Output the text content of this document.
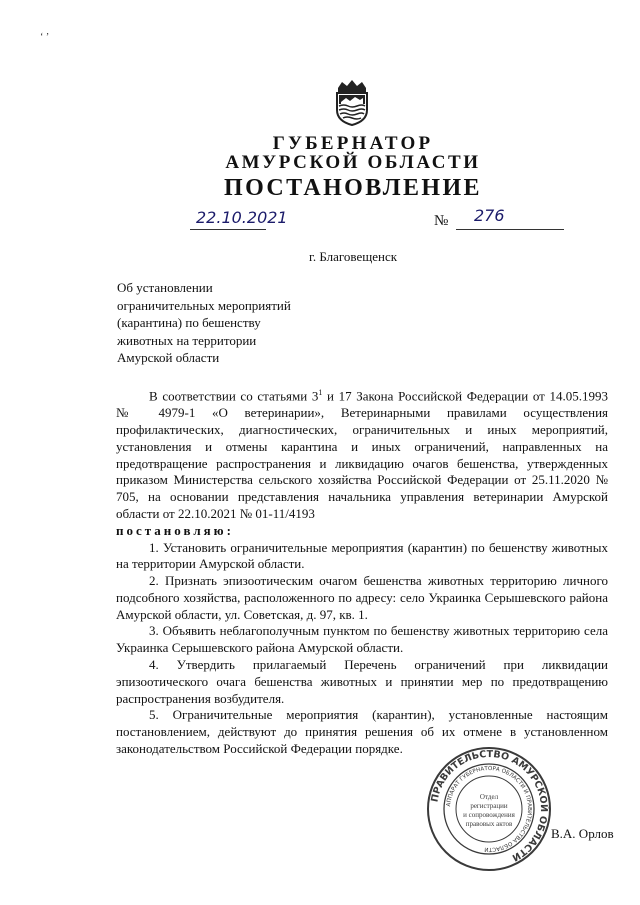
‘ ’
ГУБЕРНАТОР
АМУРСКОЙ ОБЛАСТИ
ПОСТАНОВЛЕНИЕ
22.10.2021	№ 276
г. Благовещенск
Об установлении
ограничительных мероприятий
(карантина) по бешенству
животных на территории
Амурской области

В соответствии со статьями $3^1$ и 17 Закона Российской Федерации от 14.05.1993 № 4979-1 «О ветеринарии», Ветеринарными правилами осуществления профилактических, диагностических, ограничительных и иных мероприятий, установления и отмены карантина и иных ограничений, направленных на предотвращение распространения и ликвидацию очагов бешенства, утвержденных приказом Министерства сельского хозяйства Российской Федерации от 25.11.2020 № 705, на основании представления начальника управления ветеринарии Амурской области от 22.10.2021 № 01-11/4193

постановляю:

1. Установить ограничительные мероприятия (карантин) по бешенству животных на территории Амурской области.

2. Признать эпизоотическим очагом бешенства животных территорию личного подсобного хозяйства, расположенного по адресу: село Украинка Серышевского района Амурской области, ул. Советская, д. 97, кв. 1.

3. Объявить неблагополучным пунктом по бешенству животных территорию села Украинка Серышевского района Амурской области.

4. Утвердить прилагаемый Перечень ограничений при ликвидации эпизоотического очага бешенства животных и принятии мер по предотвращению распространения возбудителя.

5. Ограничительные мероприятия (карантин), установленные настоящим постановлением, действуют до принятия решения об их отмене в установленном законодательством Российской Федерации порядке.

ПРАВИТЕЛЬСТВО АМУРСКОЙ ОБЛАСТИ
АППАРАТ ГУБЕРНАТОРА ОБЛАСТИ И ПРАВИТЕЛЬСТВА ОБЛАСТИ
Отдел
регистрации
и сопровождения
правовых актов
В.А. Орлов
